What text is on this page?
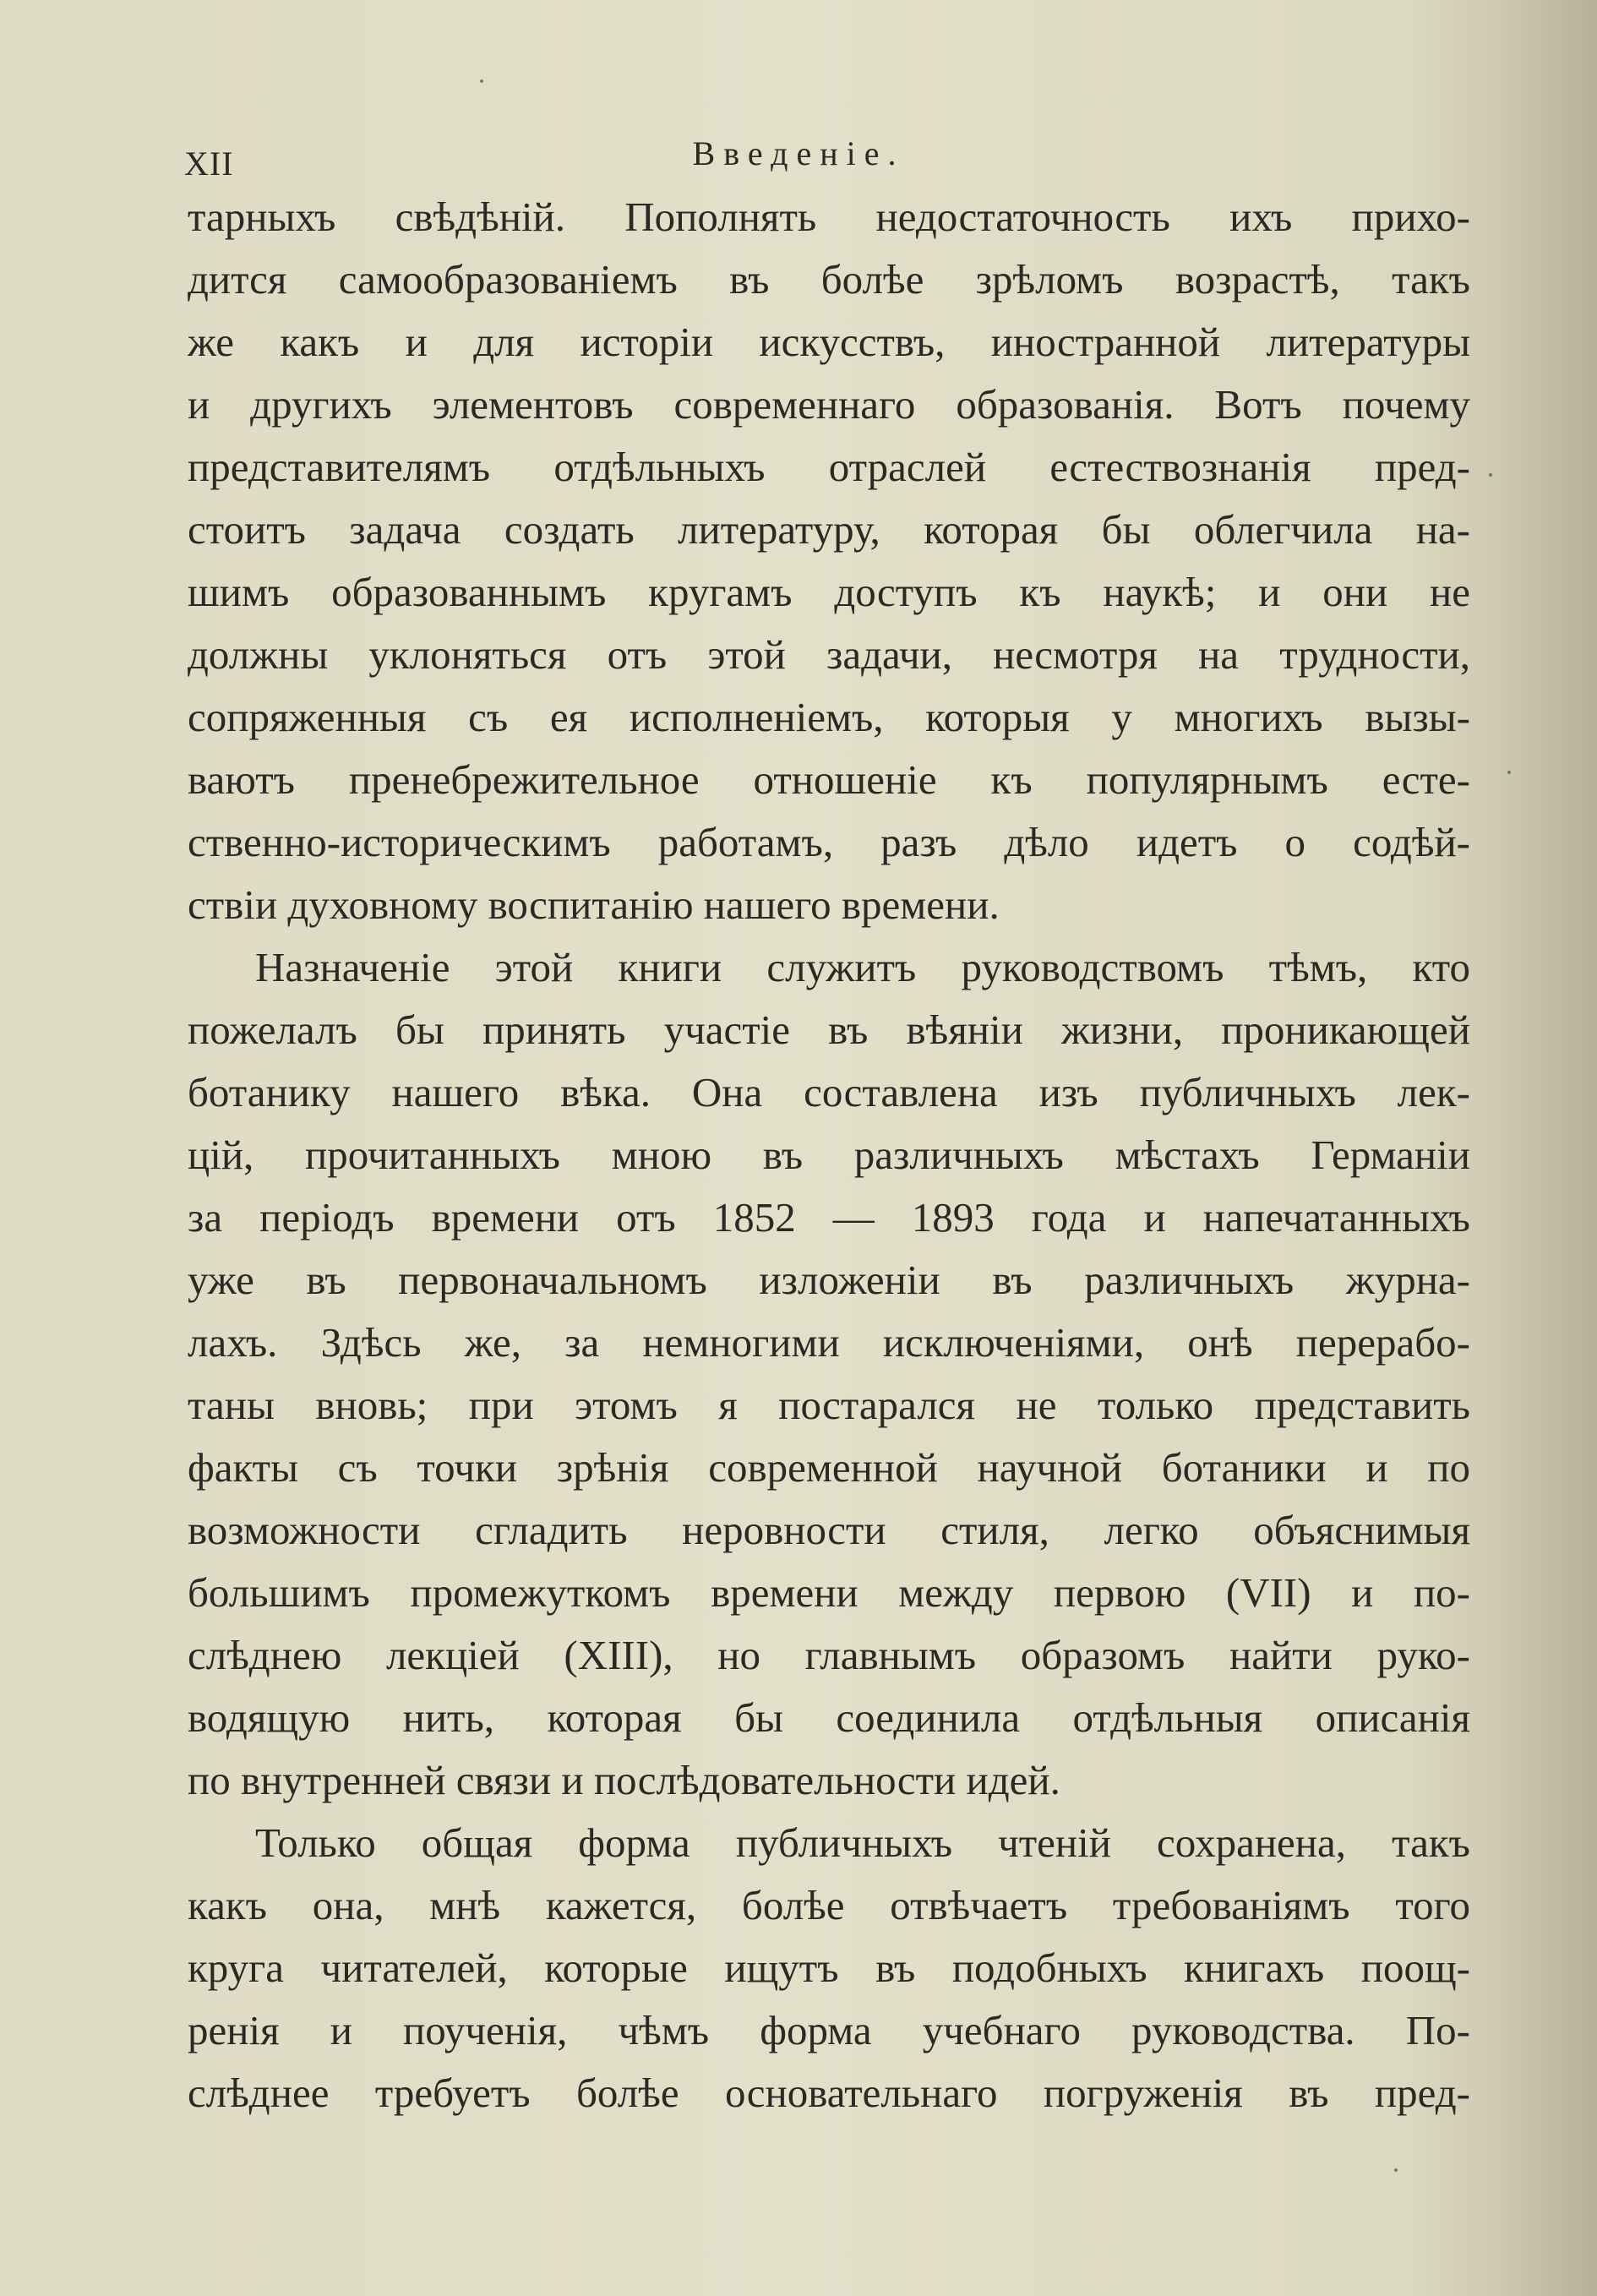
XII	Введенiе.
тарныхъ свѣдѣнiй. Пополнять недостаточность ихъ прихо-
дится самообразованiемъ въ болѣе зрѣломъ возрастѣ, такъ
же какъ и для исторiи искусствъ, иностранной литературы
и другихъ элементовъ современнаго образованiя. Вотъ почему
представителямъ отдѣльныхъ отраслей естествознанiя пред-
стоитъ задача создать литературу, которая бы облегчила на-
шимъ образованнымъ кругамъ доступъ къ наукѣ; и они не
должны уклоняться отъ этой задачи, несмотря на трудности,
сопряженныя съ ея исполненiемъ, которыя у многихъ вызы-
ваютъ пренебрежительное отношенiе къ популярнымъ есте-
ственно-историческимъ работамъ, разъ дѣло идетъ о содѣй-
ствiи духовному воспитанiю нашего времени.
Назначенiе этой книги служитъ руководствомъ тѣмъ, кто
пожелалъ бы принять участiе въ вѣянiи жизни, проникающей
ботанику нашего вѣка. Она составлена изъ публичныхъ лек-
цiй, прочитанныхъ мною въ различныхъ мѣстахъ Германiи
за перiодъ времени отъ 1852 — 1893 года и напечатанныхъ
уже въ первоначальномъ изложенiи въ различныхъ журна-
лахъ. Здѣсь же, за немногими исключенiями, онѣ перерабо-
таны вновь; при этомъ я постарался не только представить
факты съ точки зрѣнiя современной научной ботаники и по
возможности сгладить неровности стиля, легко объяснимыя
большимъ промежуткомъ времени между первою (VII) и по-
слѣднею лекцiей (XIII), но главнымъ образомъ найти руко-
водящую нить, которая бы соединила отдѣльныя описанiя
по внутренней связи и послѣдовательности идей.
Только общая форма публичныхъ чтенiй сохранена, такъ
какъ она, мнѣ кажется, болѣе отвѣчаетъ требованiямъ того
круга читателей, которые ищутъ въ подобныхъ книгахъ поощ-
ренiя и поученiя, чѣмъ форма учебнаго руководства. По-
слѣднее требуетъ болѣе основательнаго погруженiя въ пред-
